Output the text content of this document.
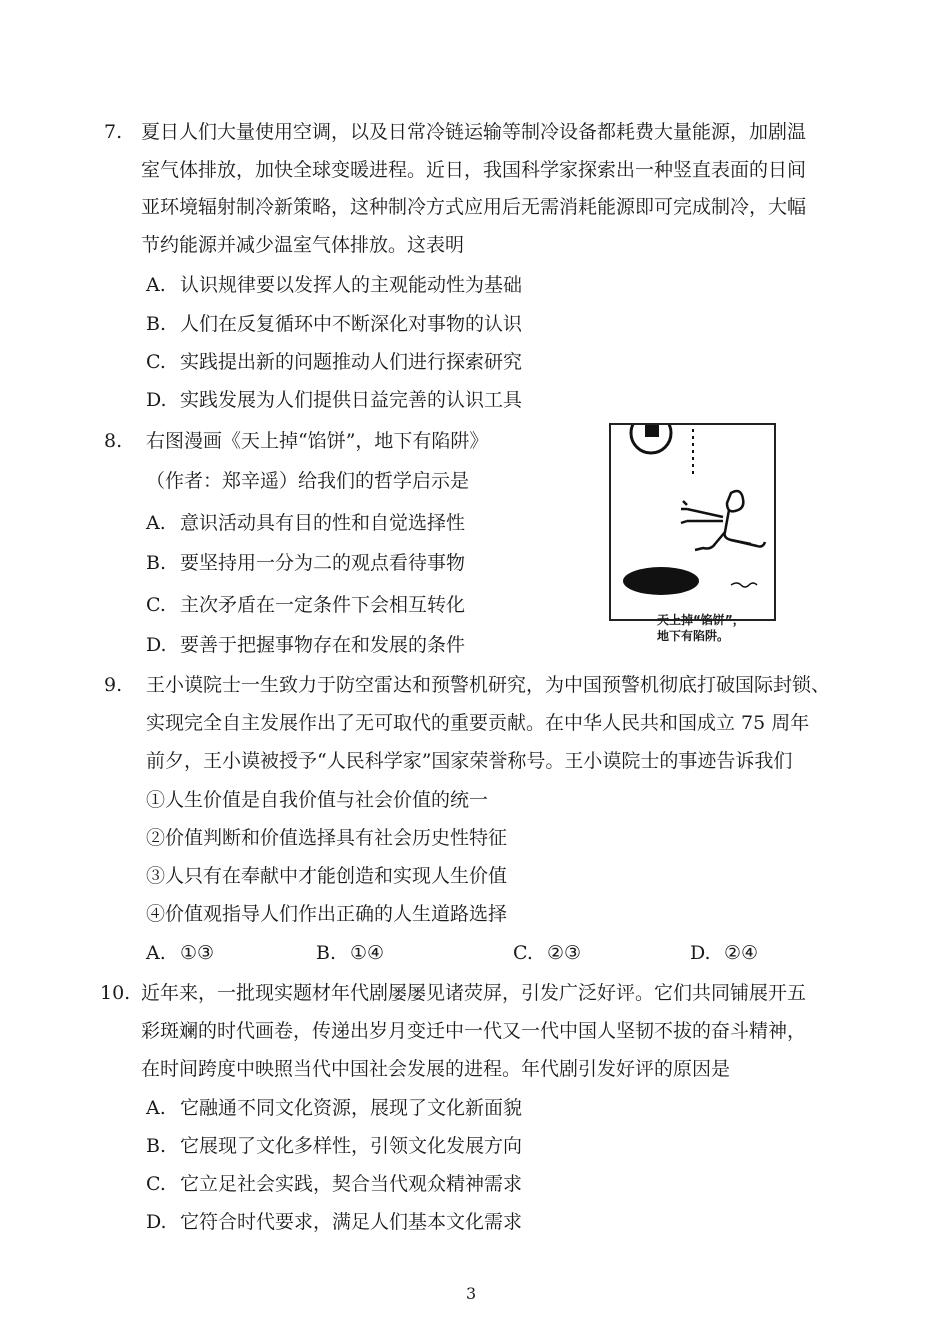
7. 夏日人们大量使用空调，以及日常冷链运输等制冷设备都耗费大量能源，加剧温
室气体排放，加快全球变暖进程。近日，我国科学家探索出一种竖直表面的日间
亚环境辐射制冷新策略，这种制冷方式应用后无需消耗能源即可完成制冷，大幅
节约能源并减少温室气体排放。这表明
A. 认识规律要以发挥人的主观能动性为基础
B. 人们在反复循环中不断深化对事物的认识
C. 实践提出新的问题推动人们进行探索研究
D. 实践发展为人们提供日益完善的认识工具
8. 右图漫画《天上掉“馅饼”，地下有陷阱》
（作者：郑辛遥）给我们的哲学启示是
A. 意识活动具有目的性和自觉选择性
B. 要坚持用一分为二的观点看待事物
C. 主次矛盾在一定条件下会相互转化
D. 要善于把握事物存在和发展的条件
天上掉“馅饼”，
地下有陷阱。
9. 王小谟院士一生致力于防空雷达和预警机研究，为中国预警机彻底打破国际封锁、
实现完全自主发展作出了无可取代的重要贡献。在中华人民共和国成立 75 周年
前夕，王小谟被授予“人民科学家”国家荣誉称号。王小谟院士的事迹告诉我们
①人生价值是自我价值与社会价值的统一
②价值判断和价值选择具有社会历史性特征
③人只有在奉献中才能创造和实现人生价值
④价值观指导人们作出正确的人生道路选择
A. ①③	B. ①④	C. ②③	D. ②④
10. 近年来，一批现实题材年代剧屡屡见诸荧屏，引发广泛好评。它们共同铺展开五
彩斑斓的时代画卷，传递出岁月变迁中一代又一代中国人坚韧不拔的奋斗精神，
在时间跨度中映照当代中国社会发展的进程。年代剧引发好评的原因是
A. 它融通不同文化资源，展现了文化新面貌
B. 它展现了文化多样性，引领文化发展方向
C. 它立足社会实践，契合当代观众精神需求
D. 它符合时代要求，满足人们基本文化需求
3
